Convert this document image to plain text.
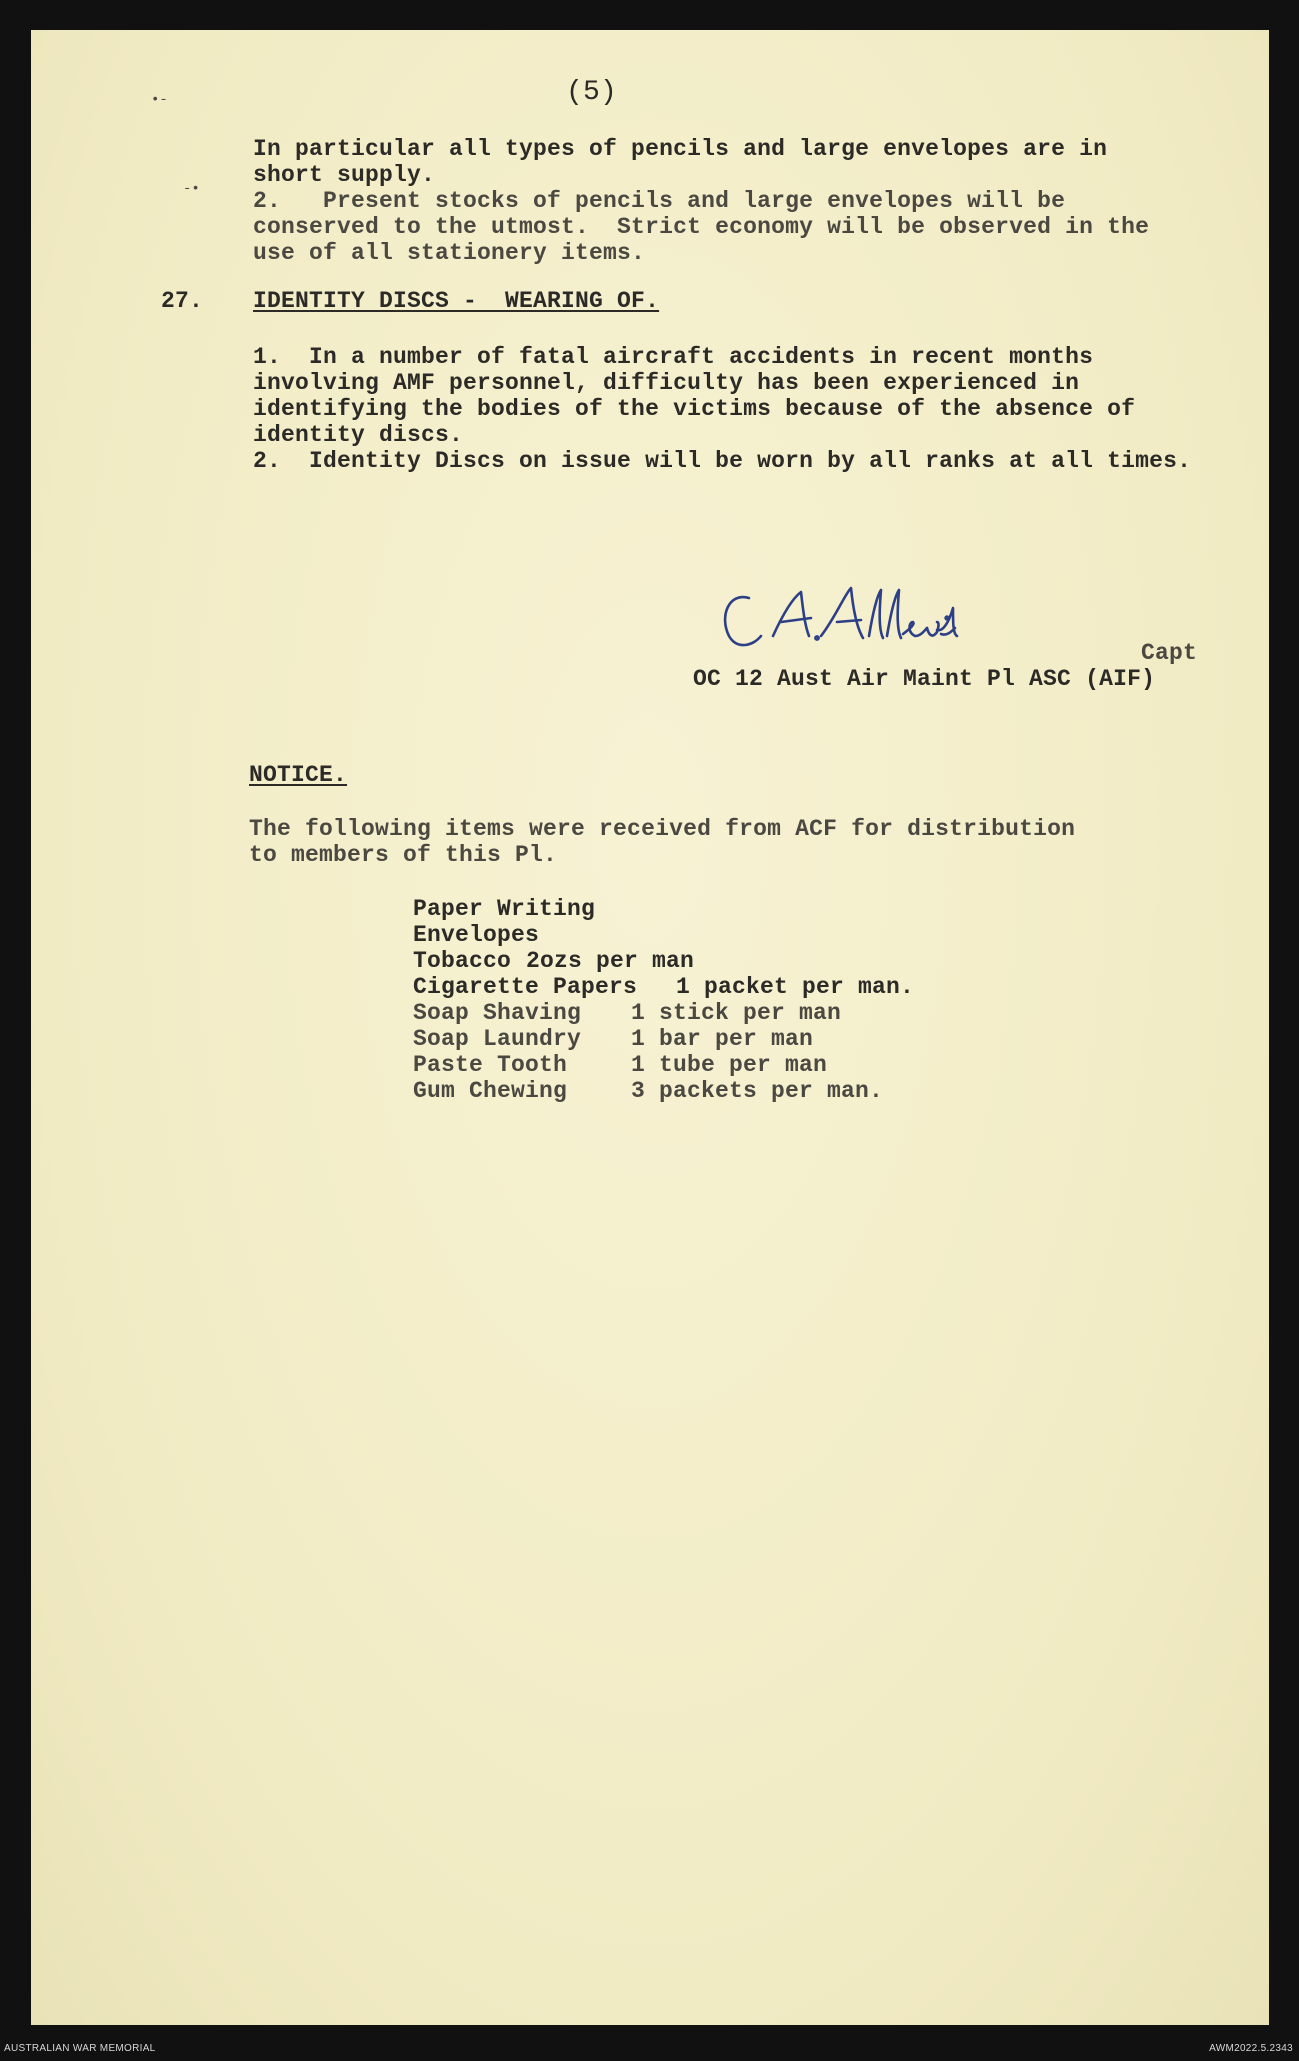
•-
-•
(5)
In particular all types of pencils and large envelopes are in
short supply.
2.   Present stocks of pencils and large envelopes will be
conserved to the utmost.  Strict economy will be observed in the
use of all stationery items.
27. IDENTITY DISCS -  WEARING OF.
1.  In a number of fatal aircraft accidents in recent months
involving AMF personnel, difficulty has been experienced in
identifying the bodies of the victims because of the absence of
identity discs.
2.  Identity Discs on issue will be worn by all ranks at all times.
Capt
OC 12 Aust Air Maint Pl ASC (AIF)
NOTICE.
The following items were received from ACF for distribution
to members of this Pl.
Paper Writing
Envelopes
Tobacco 2ozs per man
Cigarette Papers 1 packet per man.
Soap Shaving 1 stick per man
Soap Laundry 1 bar per man
Paste Tooth	1 tube per man
Gum Chewing	3 packets per man.
AUSTRALIAN WAR MEMORIAL	AWM2022.5.2343
